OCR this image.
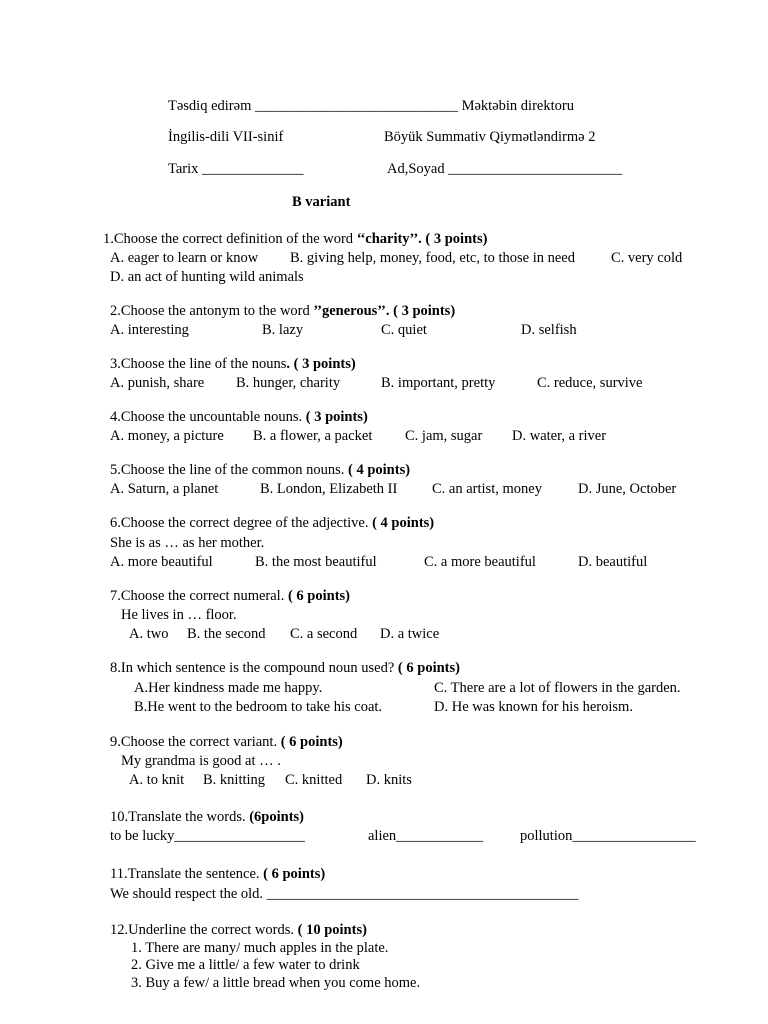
Təsdiq edirəm ____________________________ Məktəbin direktoru
İngilis-dili VII-sinif	Böyük Summativ Qiymətləndirmə 2
Tarix ______________	Ad,Soyad ________________________
B variant
1.Choose the correct definition of the word ‘‘charity’’. ( 3 points)
A. eager to learn or know B. giving help, money, food, etc, to those in need C. very cold
D. an act of hunting wild animals
2.Choose the antonym to the word ’’generous’’. ( 3 points)
A. interesting	B. lazy	C. quiet	D. selfish
3.Choose the line of the nouns. ( 3 points)
A. punish, share B. hunger, charity	B. important, pretty	C. reduce, survive
4.Choose the uncountable nouns. ( 3 points)
A. money, a picture B. a flower, a packet C. jam, sugar D. water, a river
5.Choose the line of the common nouns. ( 4 points)
A. Saturn, a planet	B. London, Elizabeth II C. an artist, money D. June, October
6.Choose the correct degree of the adjective. ( 4 points)
She is as … as her mother.
A. more beautiful	B. the most beautiful	C. a more beautiful	D. beautiful
7.Choose the correct numeral. ( 6 points)
He lives in … floor.
A. two B. the second C. a second D. a twice
8.In which sentence is the compound noun used? ( 6 points)
A.Her kindness made me happy.	C. There are a lot of flowers in the garden.
B.He went to the bedroom to take his coat.	D. He was known for his heroism.
9.Choose the correct variant. ( 6 points)
My grandma is good at … .
A. to knit B. knitting C. knitted D. knits
10.Translate the words. (6points)
to be lucky__________________	alien____________	pollution_________________
11.Translate the sentence. ( 6 points)
We should respect the old. ___________________________________________
12.Underline the correct words. ( 10 points)
1. There are many/ much apples in the plate.
2. Give me a little/ a few water to drink
3. Buy a few/ a little bread when you come home.
